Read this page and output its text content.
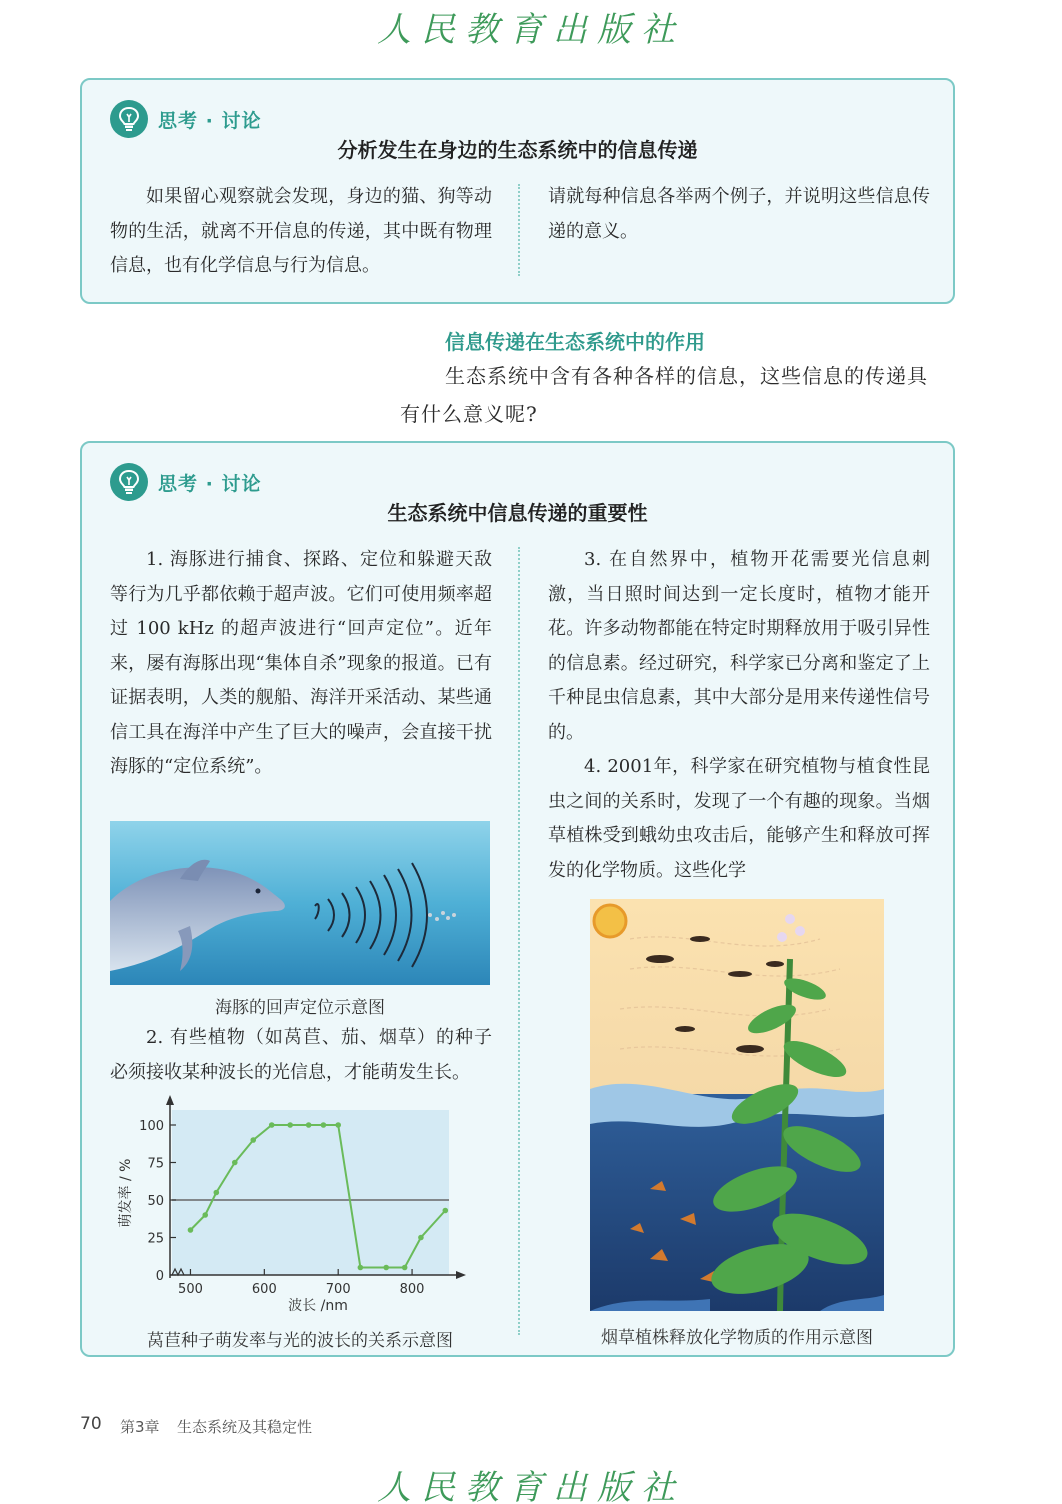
人民教育出版社
思考 · 讨论
分析发生在身边的生态系统中的信息传递
如果留心观察就会发现，身边的猫、狗等动物的生活，就离不开信息的传递，其中既有物理信息，也有化学信息与行为信息。
请就每种信息各举两个例子，并说明这些信息传递的意义。
信息传递在生态系统中的作用
生态系统中含有各种各样的信息，这些信息的传递具
有什么意义呢?
思考 · 讨论
生态系统中信息传递的重要性
1. 海豚进行捕食、探路、定位和躲避天敌等行为几乎都依赖于超声波。它们可使用频率超过 100 kHz 的超声波进行“回声定位”。近年来，屡有海豚出现“集体自杀”现象的报道。已有证据表明，人类的舰船、海洋开采活动、某些通信工具在海洋中产生了巨大的噪声，会直接干扰海豚的“定位系统”。
海豚的回声定位示意图
2. 有些植物（如莴苣、茄、烟草）的种子必须接收某种波长的光信息，才能萌发生长。
0
25
50
75
100
500	600	700	800
波长 /nm
萌发率 / %
莴苣种子萌发率与光的波长的关系示意图
3. 在自然界中，植物开花需要光信息刺激，当日照时间达到一定长度时，植物才能开花。许多动物都能在特定时期释放用于吸引异性的信息素。经过研究，科学家已分离和鉴定了上千种昆虫信息素，其中大部分是用来传递性信号的。
4. 2001年，科学家在研究植物与植食性昆虫之间的关系时，发现了一个有趣的现象。当烟草植株受到蛾幼虫攻击后，能够产生和释放可挥发的化学物质。这些化学
烟草植株释放化学物质的作用示意图
70 第3章 生态系统及其稳定性
人民教育出版社
